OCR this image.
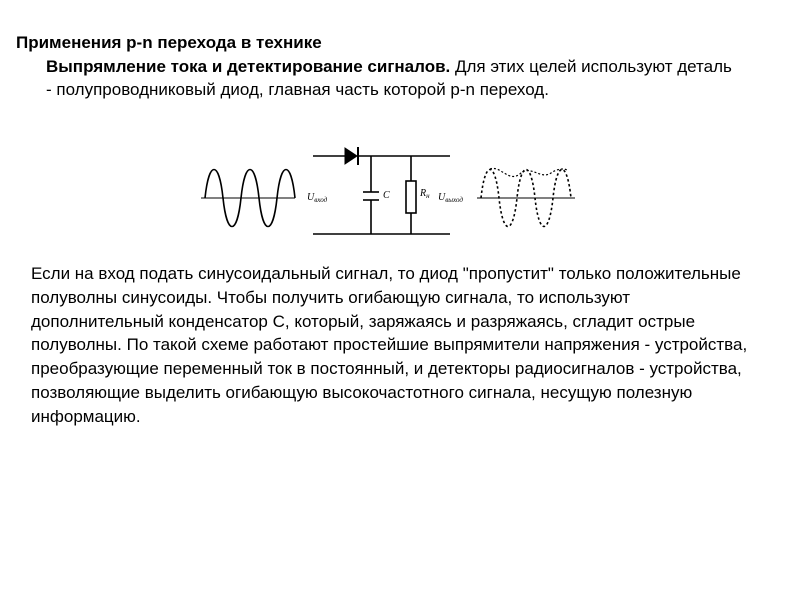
Применения p-n перехода в технике
Выпрямление тока и детектирование сигналов. Для этих целей используют деталь - полупроводниковый диод, главная часть которой p-n переход.
$U_{вход}$	C	$R_н$ $U_{выход}$

Если на вход подать синусоидальный сигнал, то диод "пропустит" только положительные полуволны синусоиды. Чтобы получить огибающую сигнала, то используют дополнительный конденсатор С, который, заряжаясь и разряжаясь, сгладит острые полуволны. По такой схеме работают простейшие выпрямители напряжения - устройства, преобразующие переменный ток в постоянный, и детекторы радиосигналов - устройства, позволяющие выделить огибающую высокочастотного сигнала, несущую полезную информацию.
